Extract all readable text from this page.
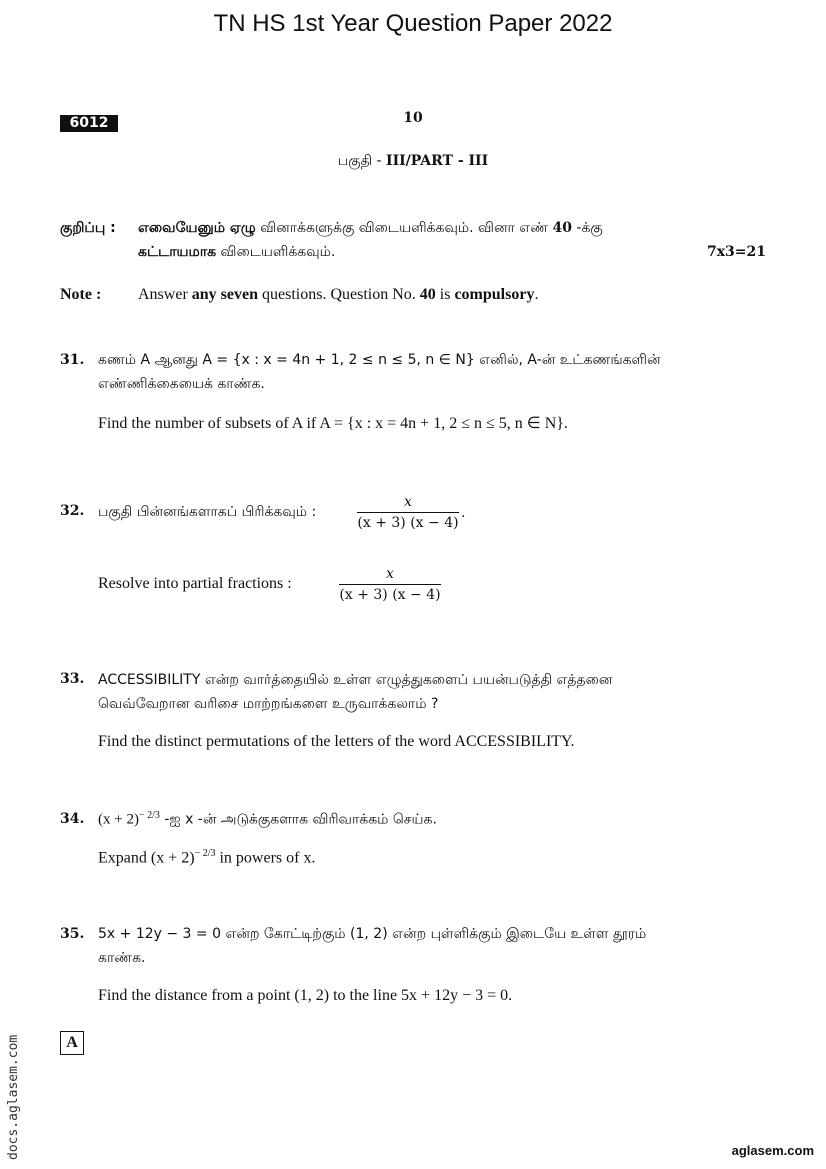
TN HS 1st Year Question Paper 2022
6012	10
பகுதி - III/PART - III
குறிப்பு : எவையேனும் ஏழு வினாக்களுக்கு விடையளிக்கவும். வினா எண் 40 -க்கு
கட்டாயமாக விடையளிக்கவும்.	7x3=21
Note : Answer any seven questions. Question No. 40 is compulsory.
31. கணம் A ஆனது A = {x : x = 4n + 1, 2 ≤ n ≤ 5, n ∈ N} எனில், A-ன் உட்கணங்களின்
எண்ணிக்கையைக் காண்க.
Find the number of subsets of A if A = {x : x = 4n + 1, 2 ≤ n ≤ 5, n ∈ N}.
32. பகுதி பின்னங்களாகப் பிரிக்கவும் :
x
(x + 3) (x − 4)
.
Resolve into partial fractions :
x
(x + 3) (x − 4)
33. ACCESSIBILITY என்ற வார்த்தையில் உள்ள எழுத்துகளைப் பயன்படுத்தி எத்தனை
வெவ்வேறான வரிசை மாற்றங்களை உருவாக்கலாம் ?
Find the distinct permutations of the letters of the word ACCESSIBILITY.
34. $(x + 2)^{- 2/3}$ -ஐ x -ன் அடுக்குகளாக விரிவாக்கம் செய்க.
Expand $(x + 2)^{- 2/3}$ in powers of x.
35. 5x + 12y − 3 = 0 என்ற கோட்டிற்கும் (1, 2) என்ற புள்ளிக்கும் இடையே உள்ள தூரம்
காண்க.
Find the distance from a point (1, 2) to the line 5x + 12y − 3 = 0.
A
docs.aglasem.com	aglasem.com
